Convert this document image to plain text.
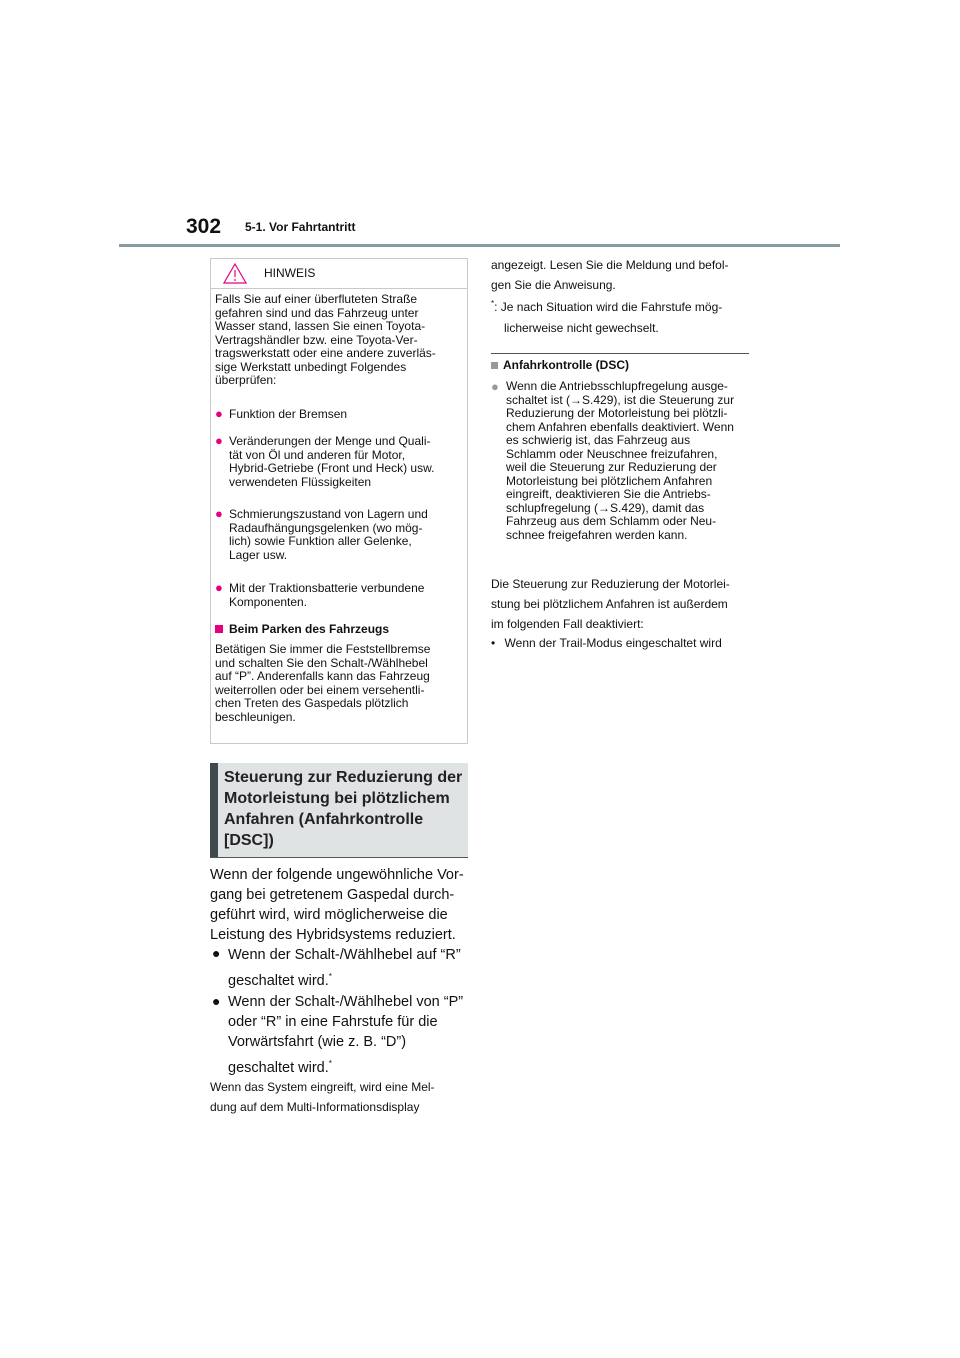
302 5-1. Vor Fahrtantritt
HINWEIS
Falls Sie auf einer überfluteten Straße
gefahren sind und das Fahrzeug unter
Wasser stand, lassen Sie einen Toyota-
Vertragshändler bzw. eine Toyota-Ver-
tragswerkstatt oder eine andere zuverläs-
sige Werkstatt unbedingt Folgendes
überprüfen:
● Funktion der Bremsen
● Veränderungen der Menge und Quali-
tät von Öl und anderen für Motor,
Hybrid-Getriebe (Front und Heck) usw.
verwendeten Flüssigkeiten
● Schmierungszustand von Lagern und
Radaufhängungsgelenken (wo mög-
lich) sowie Funktion aller Gelenke,
Lager usw.
● Mit der Traktionsbatterie verbundene
Komponenten.
Beim Parken des Fahrzeugs
Betätigen Sie immer die Feststellbremse
und schalten Sie den Schalt-/Wählhebel
auf “P”. Anderenfalls kann das Fahrzeug
weiterrollen oder bei einem versehentli-
chen Treten des Gaspedals plötzlich
beschleunigen.
Steuerung zur Reduzierung der
Motorleistung bei plötzlichem
Anfahren (Anfahrkontrolle
[DSC])
Wenn der folgende ungewöhnliche Vor-
gang bei getretenem Gaspedal durch-
geführt wird, wird möglicherweise die
Leistung des Hybridsystems reduziert.
● Wenn der Schalt-/Wählhebel auf “R”
geschaltet wird.*
● Wenn der Schalt-/Wählhebel von “P”
oder “R” in eine Fahrstufe für die
Vorwärtsfahrt (wie z. B. “D”)
geschaltet wird.*
Wenn das System eingreift, wird eine Mel-
dung auf dem Multi-Informationsdisplay
angezeigt. Lesen Sie die Meldung und befol-
gen Sie die Anweisung.
*: Je nach Situation wird die Fahrstufe mög-
licherweise nicht gewechselt.
Anfahrkontrolle (DSC)
● Wenn die Antriebsschlupfregelung ausge-
schaltet ist (→S.429), ist die Steuerung zur
Reduzierung der Motorleistung bei plötzli-
chem Anfahren ebenfalls deaktiviert. Wenn
es schwierig ist, das Fahrzeug aus
Schlamm oder Neuschnee freizufahren,
weil die Steuerung zur Reduzierung der
Motorleistung bei plötzlichem Anfahren
eingreift, deaktivieren Sie die Antriebs-
schlupfregelung (→S.429), damit das
Fahrzeug aus dem Schlamm oder Neu-
schnee freigefahren werden kann.
Die Steuerung zur Reduzierung der Motorlei-
stung bei plötzlichem Anfahren ist außerdem
im folgenden Fall deaktiviert:
• Wenn der Trail-Modus eingeschaltet wird
